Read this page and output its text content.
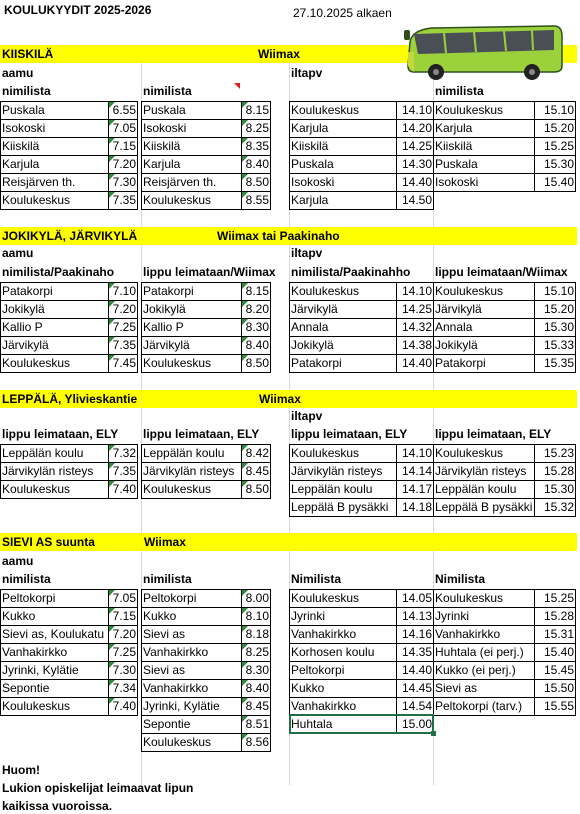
KOULUKYYDIT 2025-2026	27.10.2025 alkaen
KIISKILÄ	Wiimax
aamu	iltapv
nimilista
Puskala	6.55
Isokoski	7.05
Kiiskilä	7.15
Karjula	7.20
Reisjärven th.	7.30
Koulukeskus	7.35
nimilista
Puskala	8.15
Isokoski	8.25
Kiiskilä	8.35
Karjula	8.40
Reisjärven th.	8.50
Koulukeskus	8.55
Koulukeskus	14.10
Karjula	14.20
Kiiskilä	14.25
Puskala	14.30
Isokoski	14.40
Karjula	14.50
nimilista
Koulukeskus	15.10
Karjula	15.20
Kiiskilä	15.25
Puskala	15.30
Isokoski	15.40
JOKIKYLÄ, JÄRVIKYLÄ	Wiimax tai Paakinaho
aamu	iltapv
nimilista/Paakinaho
Patakorpi	7.10
Jokikylä	7.20
Kallio P	7.25
Järvikylä	7.35
Koulukeskus	7.45
lippu leimataan/Wiimax
Patakorpi	8.15
Jokikylä	8.20
Kallio P	8.30
Järvikylä	8.40
Koulukeskus	8.50
nimilista/Paakinahho
Koulukeskus	14.10
Järvikylä	14.25
Annala	14.32
Jokikylä	14.38
Patakorpi	14.40
lippu leimataan/Wiimax
Koulukeskus	15.10
Järvikylä	15.20
Annala	15.30
Jokikylä	15.33
Patakorpi	15.35
LEPPÄLÄ, Ylivieskantie	Wiimax
iltapv
lippu leimataan, ELY
Leppälän koulu	7.32
Järvikylän risteys	7.35
Koulukeskus	7.40
lippu leimataan, ELY
Leppälän koulu	8.42
Järvikylän risteys 8.45
Koulukeskus	8.50
lippu leimataan, ELY
Koulukeskus	14.10
Järvikylän risteys	14.14
Leppälän koulu	14.17
Leppälä B pysäkki	14.18
lippu leimataan, ELY
Koulukeskus	15.23
Järvikylän risteys	15.28
Leppälän koulu	15.30
Leppälä B pysäkki 15.32
SIEVI AS suunta	Wiimax
aamu
nimilista
Peltokorpi	7.05
Kukko	7.15
Sievi as, Koulukatu 7.20
Vanhakirkko	7.25
Jyrinki, Kylätie	7.30
Sepontie	7.34
Koulukeskus	7.40
nimilista
Peltokorpi	8.00
Kukko	8.10
Sievi as	8.18
Vanhakirkko	8.25
Sievi as	8.30
Vanhakirkko	8.40
Jyrinki, Kylätie	8.45
Sepontie	8.51
Koulukeskus	8.56
Nimilista
Koulukeskus	14.05
Jyrinki	14.13
Vanhakirkko	14.16
Korhosen koulu	14.35
Peltokorpi	14.40
Kukko	14.45
Vanhakirkko	14.54
Huhtala	15.00
Nimilista
Koulukeskus	15.25
Jyrinki	15.28
Vanhakirkko	15.31
Huhtala (ei perj.)	15.40
Kukko (ei perj.)	15.45
Sievi as	15.50
Peltokorpi (tarv.)	15.55
Huom!
Lukion opiskelijat leimaavat lipun
kaikissa vuoroissa.
